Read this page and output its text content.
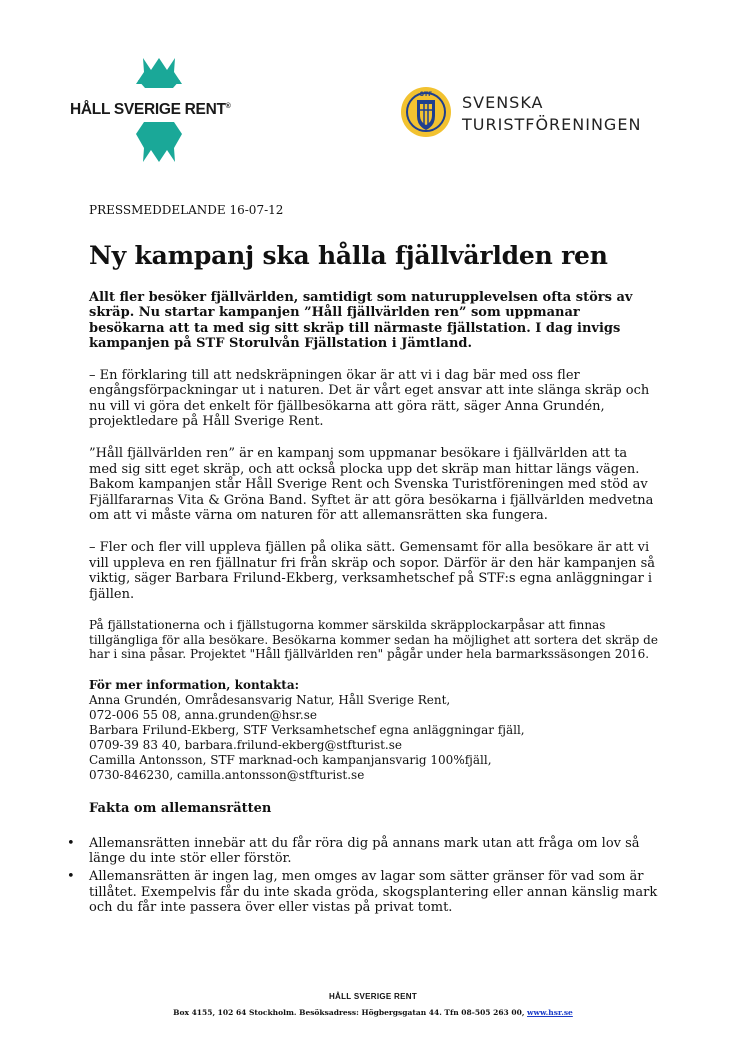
HÅLL SVERIGE RENT®
STF SVENSKA
TURISTFÖRENINGEN
PRESSMEDDELANDE 16-07-12
Ny kampanj ska hålla fjällvärlden ren

Allt fler besöker fjällvärlden, samtidigt som naturupplevelsen ofta störs av skräp. Nu startar kampanjen ”Håll fjällvärlden ren” som uppmanar besökarna att ta med sig sitt skräp till närmaste fjällstation. I dag invigs kampanjen på STF Storulvån Fjällstation i Jämtland.

– En förklaring till att nedskräpningen ökar är att vi i dag bär med oss fler engångsförpackningar ut i naturen. Det är vårt eget ansvar att inte slänga skräp och nu vill vi göra det enkelt för fjällbesökarna att göra rätt, säger Anna Grundén, projektledare på Håll Sverige Rent.

”Håll fjällvärlden ren” är en kampanj som uppmanar besökare i fjällvärlden att ta med sig sitt eget skräp, och att också plocka upp det skräp man hittar längs vägen. Bakom kampanjen står Håll Sverige Rent och Svenska Turistföreningen med stöd av Fjällfararnas Vita & Gröna Band. Syftet är att göra besökarna i fjällvärlden medvetna om att vi måste värna om naturen för att allemansrätten ska fungera.

– Fler och fler vill uppleva fjällen på olika sätt. Gemensamt för alla besökare är att vi vill uppleva en ren fjällnatur fri från skräp och sopor. Därför är den här kampanjen så viktig, säger Barbara Frilund-Ekberg, verksamhetschef på STF:s egna anläggningar i fjällen.

På fjällstationerna och i fjällstugorna kommer särskilda skräpplockarpåsar att finnas tillgängliga för alla besökare. Besökarna kommer sedan ha möjlighet att sortera det skräp de har i sina påsar. Projektet "Håll fjällvärlden ren" pågår under hela barmarkssäsongen 2016.

För mer information, kontakta:
Anna Grundén, Områdesansvarig Natur, Håll Sverige Rent,
072-006 55 08, anna.grunden@hsr.se
Barbara Frilund-Ekberg, STF Verksamhetschef egna anläggningar fjäll,
0709-39 83 40, barbara.frilund-ekberg@stfturist.se
Camilla Antonsson, STF marknad-och kampanjansvarig 100%fjäll,
0730-846230, camilla.antonsson@stfturist.se
Fakta om allemansrätten
• Allemansrätten innebär att du får röra dig på annans mark utan att fråga om lov så länge du inte stör eller förstör.
• Allemansrätten är ingen lag, men omges av lagar som sätter gränser för vad som är tillåtet. Exempelvis får du inte skada gröda, skogsplantering eller annan känslig mark och du får inte passera över eller vistas på privat tomt.
HÅLL SVERIGE RENT
Box 4155, 102 64 Stockholm. Besöksadress: Högbergsgatan 44. Tfn 08-505 263 00, www.hsr.se
